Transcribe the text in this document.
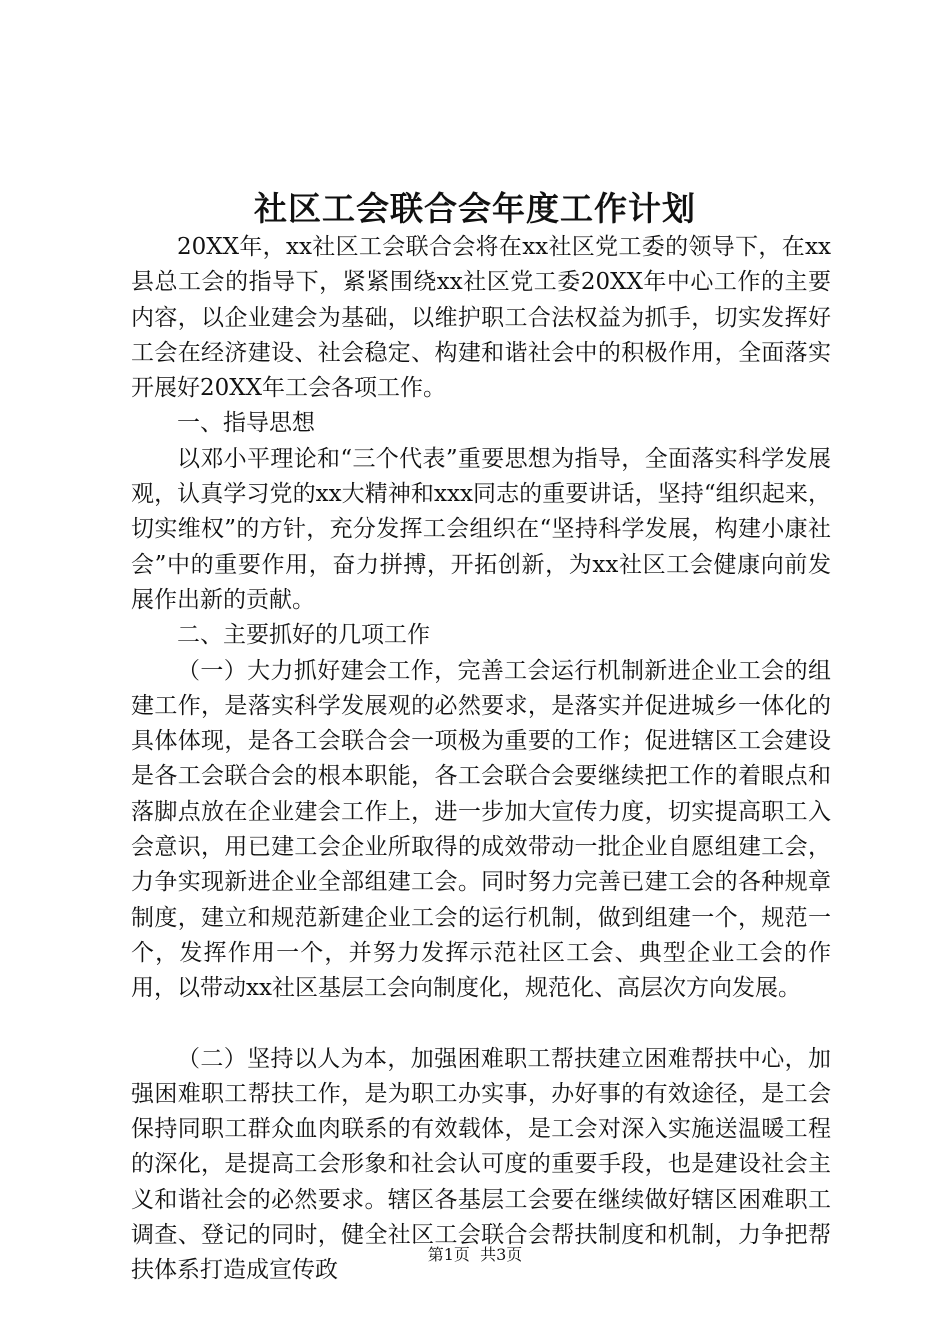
社区工会联合会年度工作计划

20XX年，xx社区工会联合会将在xx社区党工委的领导下，在xx县总工会的指导下，紧紧围绕xx社区党工委20XX年中心工作的主要内容，以企业建会为基础，以维护职工合法权益为抓手，切实发挥好工会在经济建设、社会稳定、构建和谐社会中的积极作用，全面落实开展好20XX年工会各项工作。

一、指导思想

以邓小平理论和“三个代表”重要思想为指导，全面落实科学发展观，认真学习党的xx大精神和xxx同志的重要讲话，坚持“组织起来，切实维权”的方针，充分发挥工会组织在“坚持科学发展，构建小康社会”中的重要作用，奋力拼搏，开拓创新，为xx社区工会健康向前发展作出新的贡献。

二、主要抓好的几项工作

（一）大力抓好建会工作，完善工会运行机制新进企业工会的组建工作，是落实科学发展观的必然要求，是落实并促进城乡一体化的具体体现，是各工会联合会一项极为重要的工作；促进辖区工会建设是各工会联合会的根本职能，各工会联合会要继续把工作的着眼点和落脚点放在企业建会工作上，进一步加大宣传力度，切实提高职工入会意识，用已建工会企业所取得的成效带动一批企业自愿组建工会，力争实现新进企业全部组建工会。同时努力完善已建工会的各种规章制度，建立和规范新建企业工会的运行机制，做到组建一个，规范一个，发挥作用一个，并努力发挥示范社区工会、典型企业工会的作用，以带动xx社区基层工会向制度化，规范化、高层次方向发展。

（二）坚持以人为本，加强困难职工帮扶建立困难帮扶中心，加强困难职工帮扶工作，是为职工办实事，办好事的有效途径，是工会保持同职工群众血肉联系的有效载体，是工会对深入实施送温暖工程的深化，是提高工会形象和社会认可度的重要手段，也是建设社会主义和谐社会的必然要求。辖区各基层工会要在继续做好辖区困难职工调查、登记的同时，健全社区工会联合会帮扶制度和机制，力争把帮扶体系打造成宣传政

第1页  共3页
